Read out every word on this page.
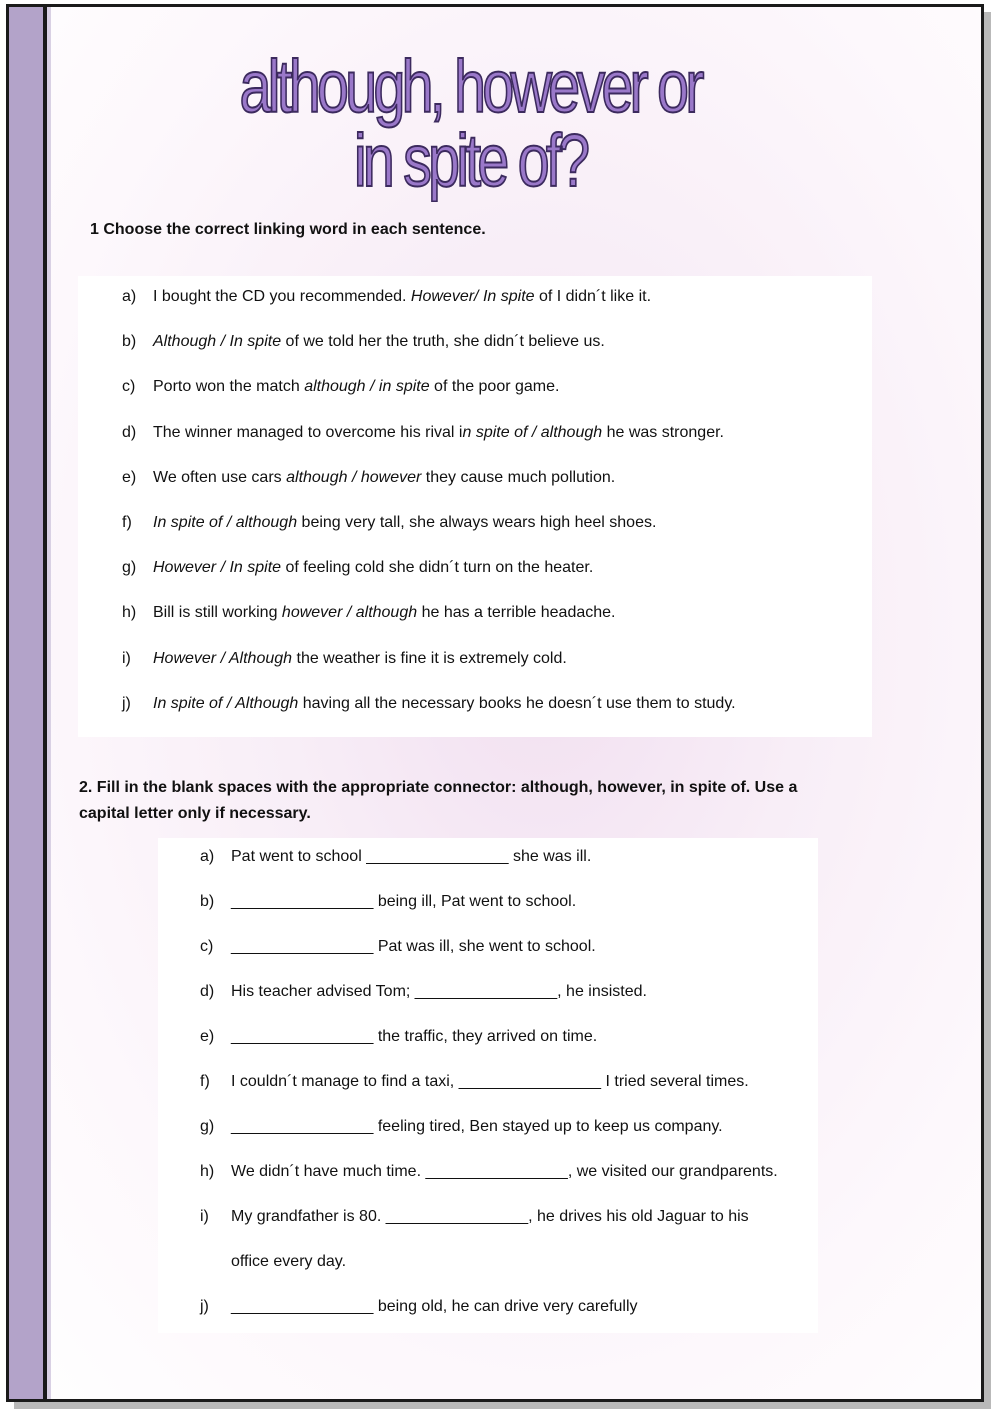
although, however or in spite of?
1 Choose the correct linking word in each sentence.
a) I bought the CD you recommended. However/ In spite of I didn´t like it.
b) Although / In spite of we told her the truth, she didn´t believe us.
c) Porto won the match although / in spite of the poor game.
d) The winner managed to overcome his rival in spite of / although he was stronger.
e) We often use cars although / however they cause much pollution.
f) In spite of / although being very tall, she always wears high heel shoes.
g) However / In spite of feeling cold she didn´t turn on the heater.
h) Bill is still working however / although he has a terrible headache.
i) However / Although the weather is fine it is extremely cold.
j) In spite of / Although having all the necessary books he doesn´t use them to study.
2. Fill in the blank spaces with the appropriate connector: although, however, in spite of. Use a capital letter only if necessary.
a) Pat went to school ________________ she was ill.
b) ________________ being ill, Pat went to school.
c) ________________ Pat was ill, she went to school.
d) His teacher advised Tom; ________________, he insisted.
e) ________________ the traffic, they arrived on time.
f) I couldn´t manage to find a taxi, ________________ I tried several times.
g) ________________ feeling tired, Ben stayed up to keep us company.
h) We didn´t have much time. ________________, we visited our grandparents.
i) My grandfather is 80. ________________, he drives his old Jaguar to his
office every day.
j) ________________ being old, he can drive very carefully
